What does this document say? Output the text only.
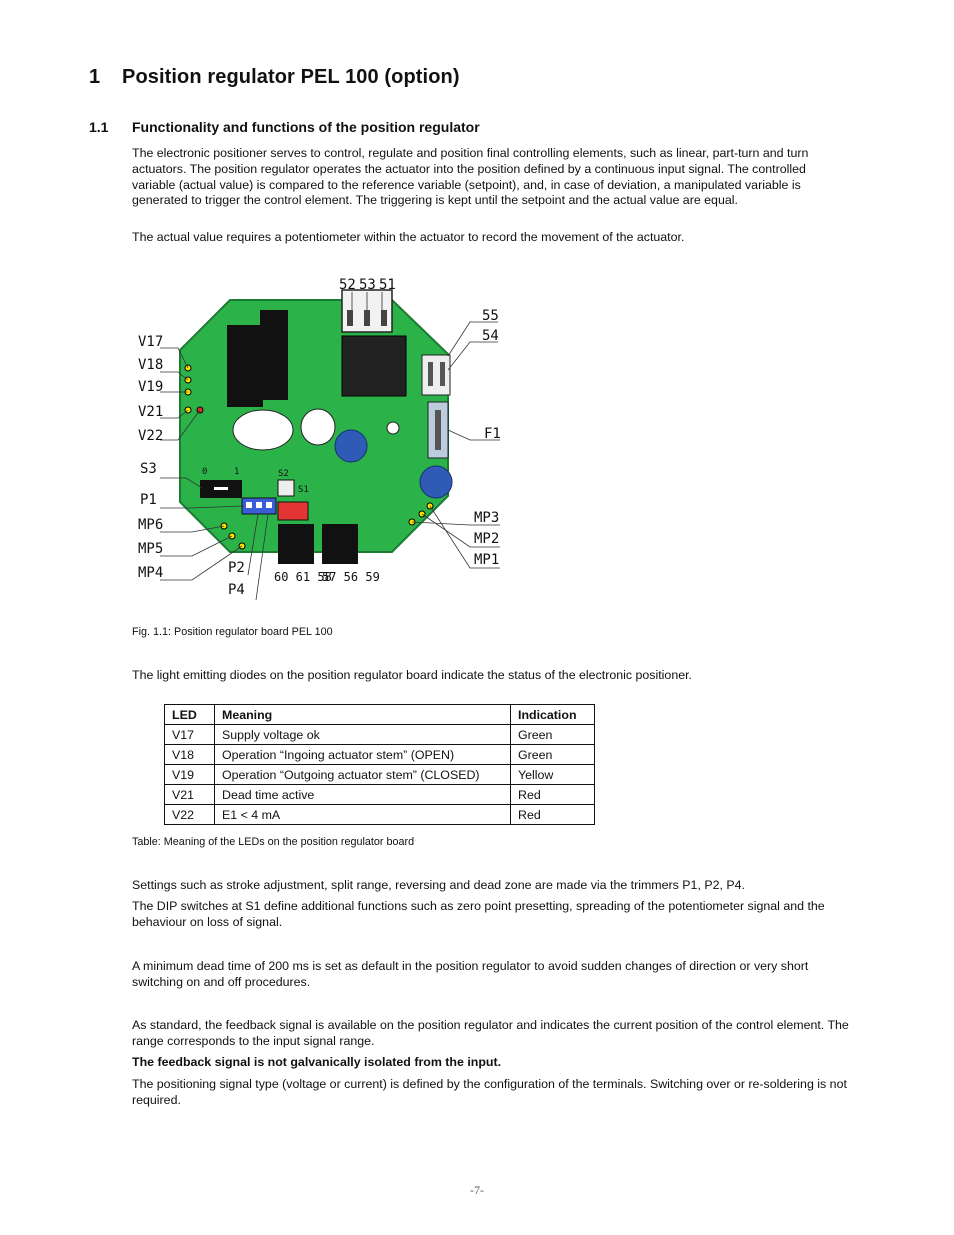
1 Position regulator PEL 100 (option)
1.1 Functionality and functions of the position regulator

The electronic positioner serves to control, regulate and position final controlling elements, such as linear, part-turn and turn actuators. The position regulator operates the actuator into the position defined by a continuous input signal. The controlled variable (actual value) is compared to the reference variable (setpoint), and, in case of deviation, a manipulated variable is generated to trigger the control element. The triggering is kept until the setpoint and the actual value are equal.

The actual value requires a potentiometer within the actuator to record the movement of the actuator.

0	1	S2
S1
52 53 51
55
54
V17
V18
V19
V21
V22	F1
S3
P1
MP6
MP5
MP4
MP3
MP2
MP1
P2
P4
60 61 58
57 56 59

Fig. 1.1: Position regulator board PEL 100

The light emitting diodes on the position regulator board indicate the status of the electronic positioner.

LED	Meaning	Indication
V17	Supply voltage ok	Green
V18	Operation “Ingoing actuator stem” (OPEN)	Green
V19	Operation “Outgoing actuator stem” (CLOSED)	Yellow
V21	Dead time active	Red
V22	E1 < 4 mA	Red

Table: Meaning of the LEDs on the position regulator board

Settings such as stroke adjustment, split range, reversing and dead zone are made via the trimmers P1, P2, P4.

The DIP switches at S1 define additional functions such as zero point presetting, spreading of the potentiometer signal and the behaviour on loss of signal.

A minimum dead time of 200 ms is set as default in the position regulator to avoid sudden changes of direction or very short switching on and off procedures.

As standard, the feedback signal is available on the position regulator and indicates the current position of the control element. The range corresponds to the input signal range.

The feedback signal is not galvanically isolated from the input.

The positioning signal type (voltage or current) is defined by the configuration of the terminals. Switching over or re-soldering is not required.

-7-
